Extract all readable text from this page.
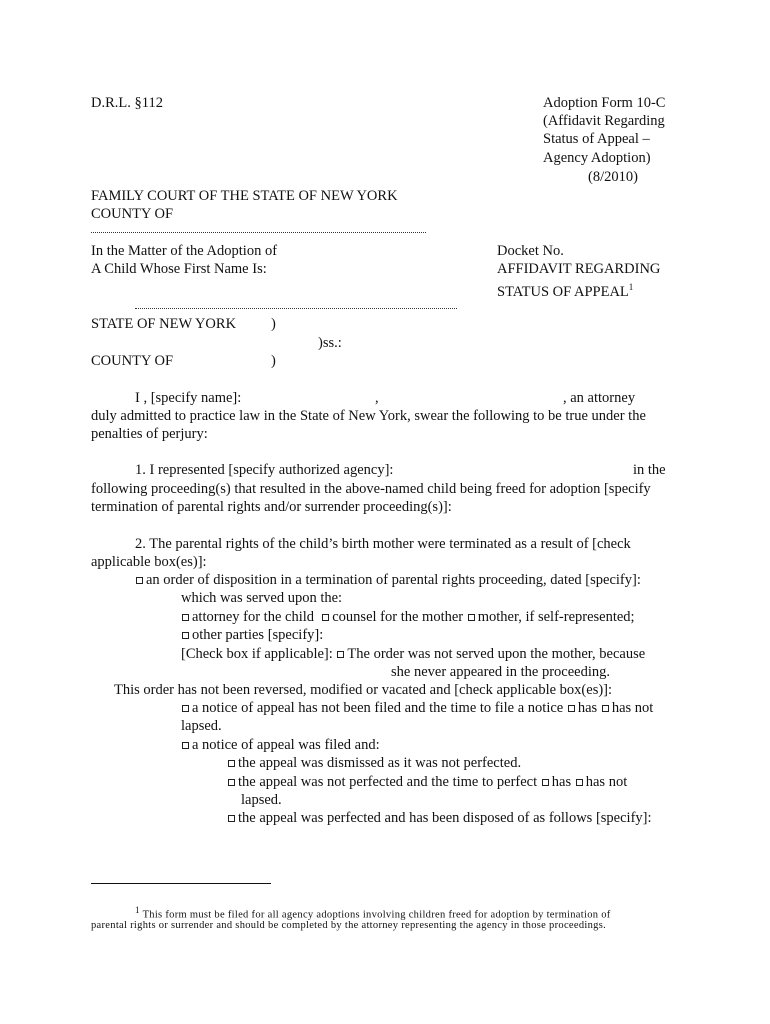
D.R.L. §112	Adoption Form 10-C
(Affidavit Regarding
Status of Appeal –
Agency Adoption)
(8/2010)
FAMILY COURT OF THE STATE OF NEW YORK
COUNTY OF
In the Matter of the Adoption of
A Child Whose First Name Is:
Docket No.
AFFIDAVIT REGARDING
STATUS OF APPEAL$^1$
STATE OF NEW YORK )
)ss.:
COUNTY OF	)
I , [specify name]:	,	, an attorney
duly admitted to practice law in the State of New York, swear the following to be true under the
penalties of perjury:
1. I represented [specify authorized agency]:	in the
following proceeding(s) that resulted in the above-named child being freed for adoption [specify
termination of parental rights and/or surrender proceeding(s)]:
2. The parental rights of the child’s birth mother were terminated as a result of [check
applicable box(es)]:
an order of disposition in a termination of parental rights proceeding, dated [specify]:
which was served upon the:
attorney for the child counsel for the mother mother, if self-represented;
other parties [specify]:
[Check box if applicable]: The order was not served upon the mother, because
she never appeared in the proceeding.
This order has not been reversed, modified or vacated and [check applicable box(es)]:
a notice of appeal has not been filed and the time to file a notice has has not
lapsed.
a notice of appeal was filed and:
the appeal was dismissed as it was not perfected.
the appeal was not perfected and the time to perfect has has not
lapsed.
the appeal was perfected and has been disposed of as follows [specify]:
$^1$ This form must be filed for all agency adoptions involving children freed for adoption by termination of
parental rights or surrender and should be completed by the attorney representing the agency in those proceedings.
